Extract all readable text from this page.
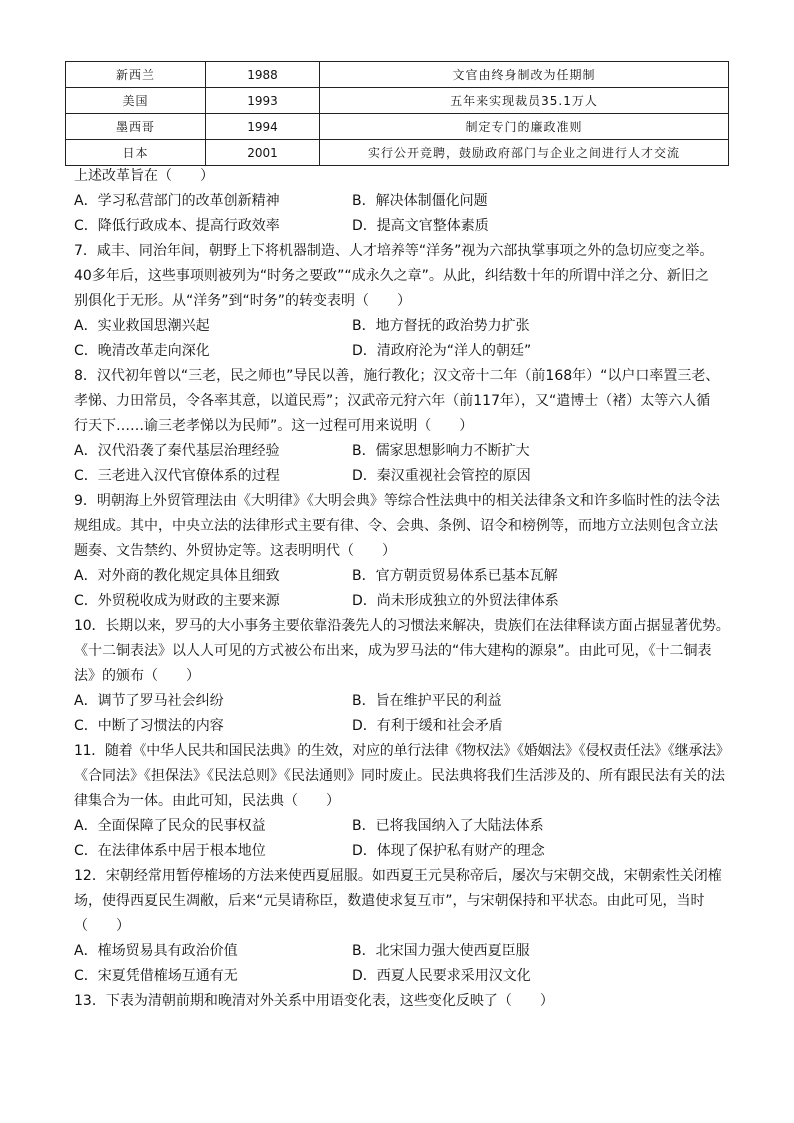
新西兰	1988	文官由终身制改为任期制
美国	1993	五年来实现裁员35.1万人
墨西哥	1994	制定专门的廉政准则
日本	2001	实行公开竞聘，鼓励政府部门与企业之间进行人才交流
上述改革旨在（　　）
A．学习私营部门的改革创新精神	B．解决体制僵化问题
C．降低行政成本、提高行政效率	D．提高文官整体素质
7．咸丰、同治年间，朝野上下将机器制造、人才培养等“洋务”视为六部执掌事项之外的急切应变之举。
40多年后，这些事项则被列为“时务之要政”“成永久之章”。从此，纠结数十年的所谓中洋之分、新旧之
别俱化于无形。从“洋务”到“时务”的转变表明（　　）
A．实业救国思潮兴起	B．地方督抚的政治势力扩张
C．晚清改革走向深化	D．清政府沦为“洋人的朝廷”
8．汉代初年曾以“三老，民之师也”导民以善，施行教化；汉文帝十二年（前168年）“以户口率置三老、
孝悌、力田常员，令各率其意，以道民焉”；汉武帝元狩六年（前117年），又“遣博士（褚）太等六人循
行天下……谕三老孝悌以为民师”。这一过程可用来说明（　　）
A．汉代沿袭了秦代基层治理经验	B．儒家思想影响力不断扩大
C．三老进入汉代官僚体系的过程	D．秦汉重视社会管控的原因
9．明朝海上外贸管理法由《大明律》《大明会典》等综合性法典中的相关法律条文和许多临时性的法令法
规组成。其中，中央立法的法律形式主要有律、令、会典、条例、诏令和榜例等，而地方立法则包含立法
题奏、文告禁约、外贸协定等。这表明明代（　　）
A．对外商的教化规定具体且细致	B．官方朝贡贸易体系已基本瓦解
C．外贸税收成为财政的主要来源	D．尚未形成独立的外贸法律体系
10．长期以来，罗马的大小事务主要依靠沿袭先人的习惯法来解决，贵族们在法律释读方面占据显著优势。
《十二铜表法》以人人可见的方式被公布出来，成为罗马法的“伟大建构的源泉”。由此可见，《十二铜表
法》的颁布（　　）
A．调节了罗马社会纠纷	B．旨在维护平民的利益
C．中断了习惯法的内容	D．有利于缓和社会矛盾
11．随着《中华人民共和国民法典》的生效，对应的单行法律《物权法》《婚姻法》《侵权责任法》《继承法》
《合同法》《担保法》《民法总则》《民法通则》同时废止。民法典将我们生活涉及的、所有跟民法有关的法
律集合为一体。由此可知，民法典（　　）
A．全面保障了民众的民事权益	B．已将我国纳入了大陆法体系
C．在法律体系中居于根本地位	D．体现了保护私有财产的理念
12．宋朝经常用暂停榷场的方法来使西夏屈服。如西夏王元昊称帝后，屡次与宋朝交战，宋朝索性关闭榷
场，使得西夏民生凋敝，后来“元昊请称臣，数遣使求复互市”，与宋朝保持和平状态。由此可见，当时
（　　）
A．榷场贸易具有政治价值	B．北宋国力强大使西夏臣服
C．宋夏凭借榷场互通有无	D．西夏人民要求采用汉文化
13．下表为清朝前期和晚清对外关系中用语变化表，这些变化反映了（　　）
